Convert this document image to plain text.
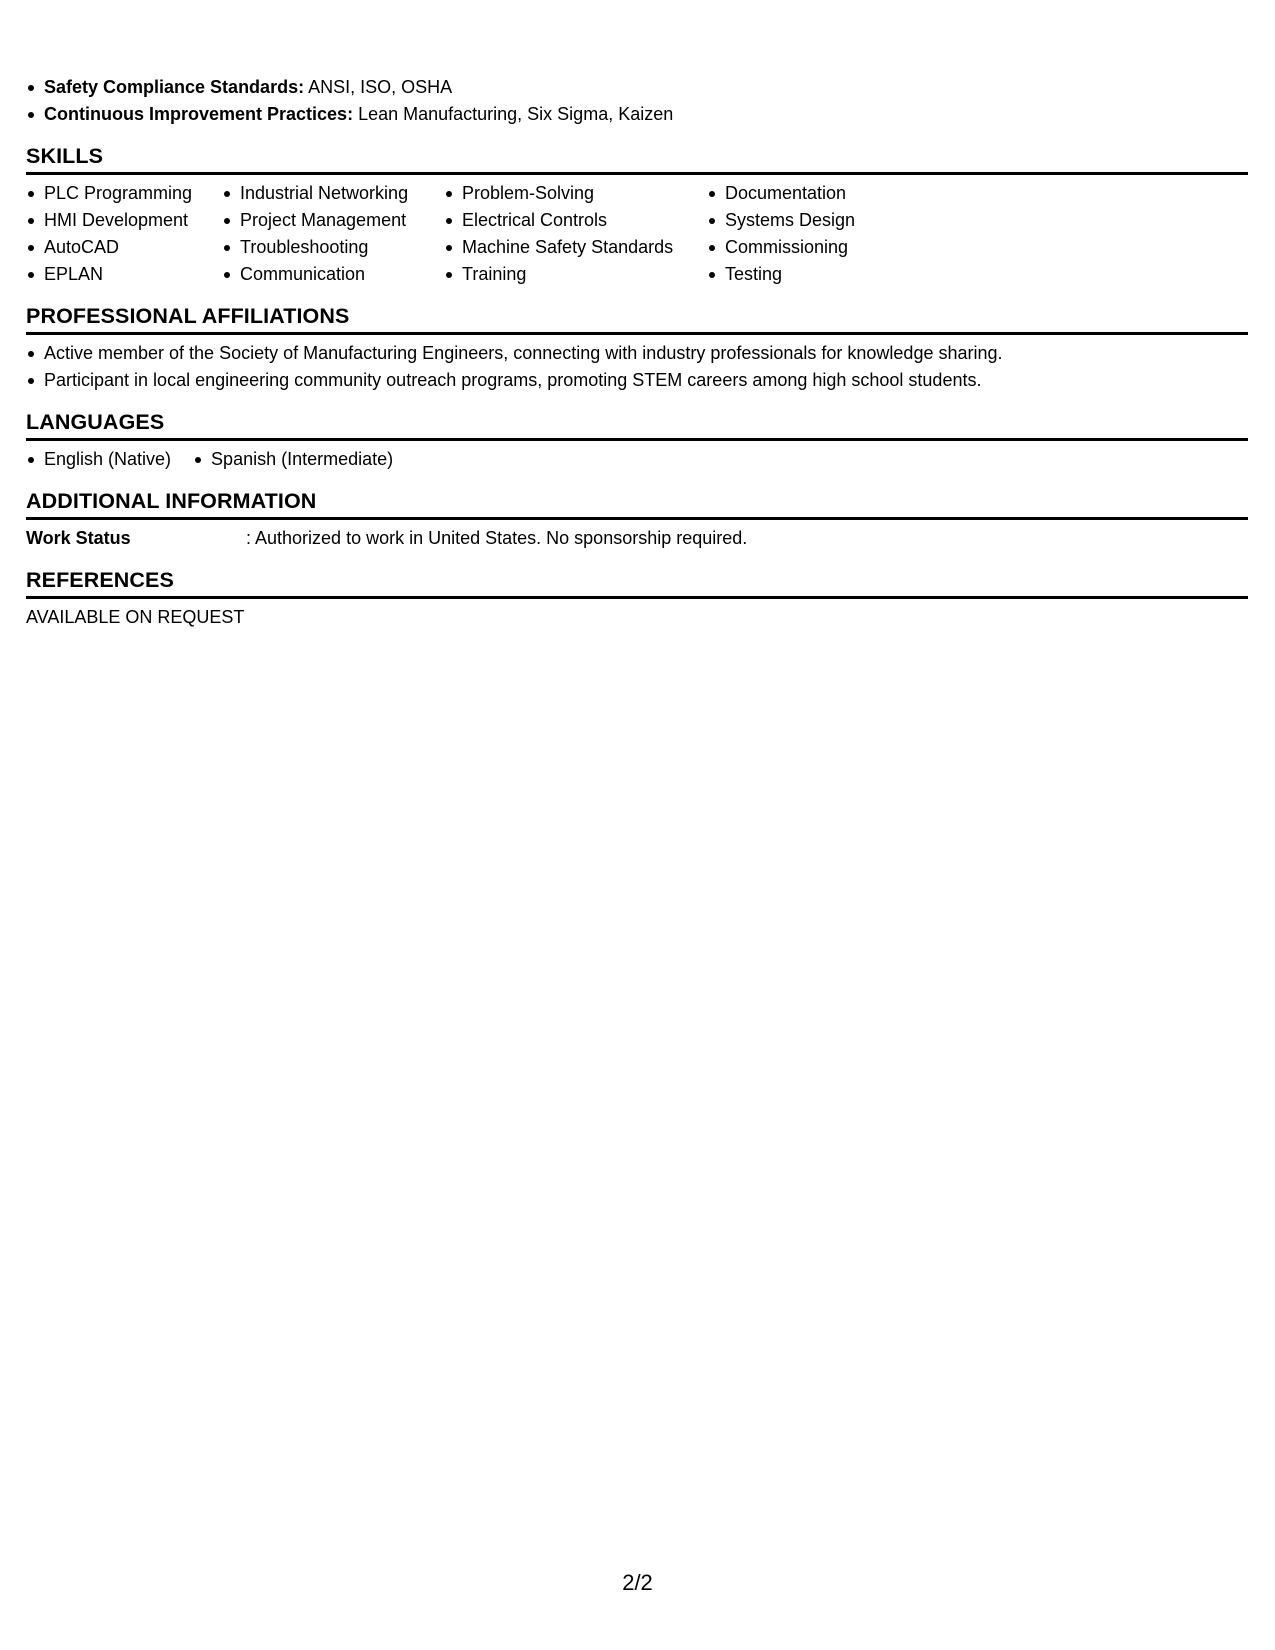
Safety Compliance Standards: ANSI, ISO, OSHA
Continuous Improvement Practices: Lean Manufacturing, Six Sigma, Kaizen
SKILLS
PLC Programming
HMI Development
AutoCAD
EPLAN
Industrial Networking
Project Management
Troubleshooting
Communication
Problem-Solving
Electrical Controls
Machine Safety Standards
Training
Documentation
Systems Design
Commissioning
Testing
PROFESSIONAL AFFILIATIONS
Active member of the Society of Manufacturing Engineers, connecting with industry professionals for knowledge sharing.
Participant in local engineering community outreach programs, promoting STEM careers among high school students.
LANGUAGES
English (Native)	Spanish (Intermediate)
ADDITIONAL INFORMATION
Work Status	: Authorized to work in United States. No sponsorship required.
REFERENCES
AVAILABLE ON REQUEST
2/2
